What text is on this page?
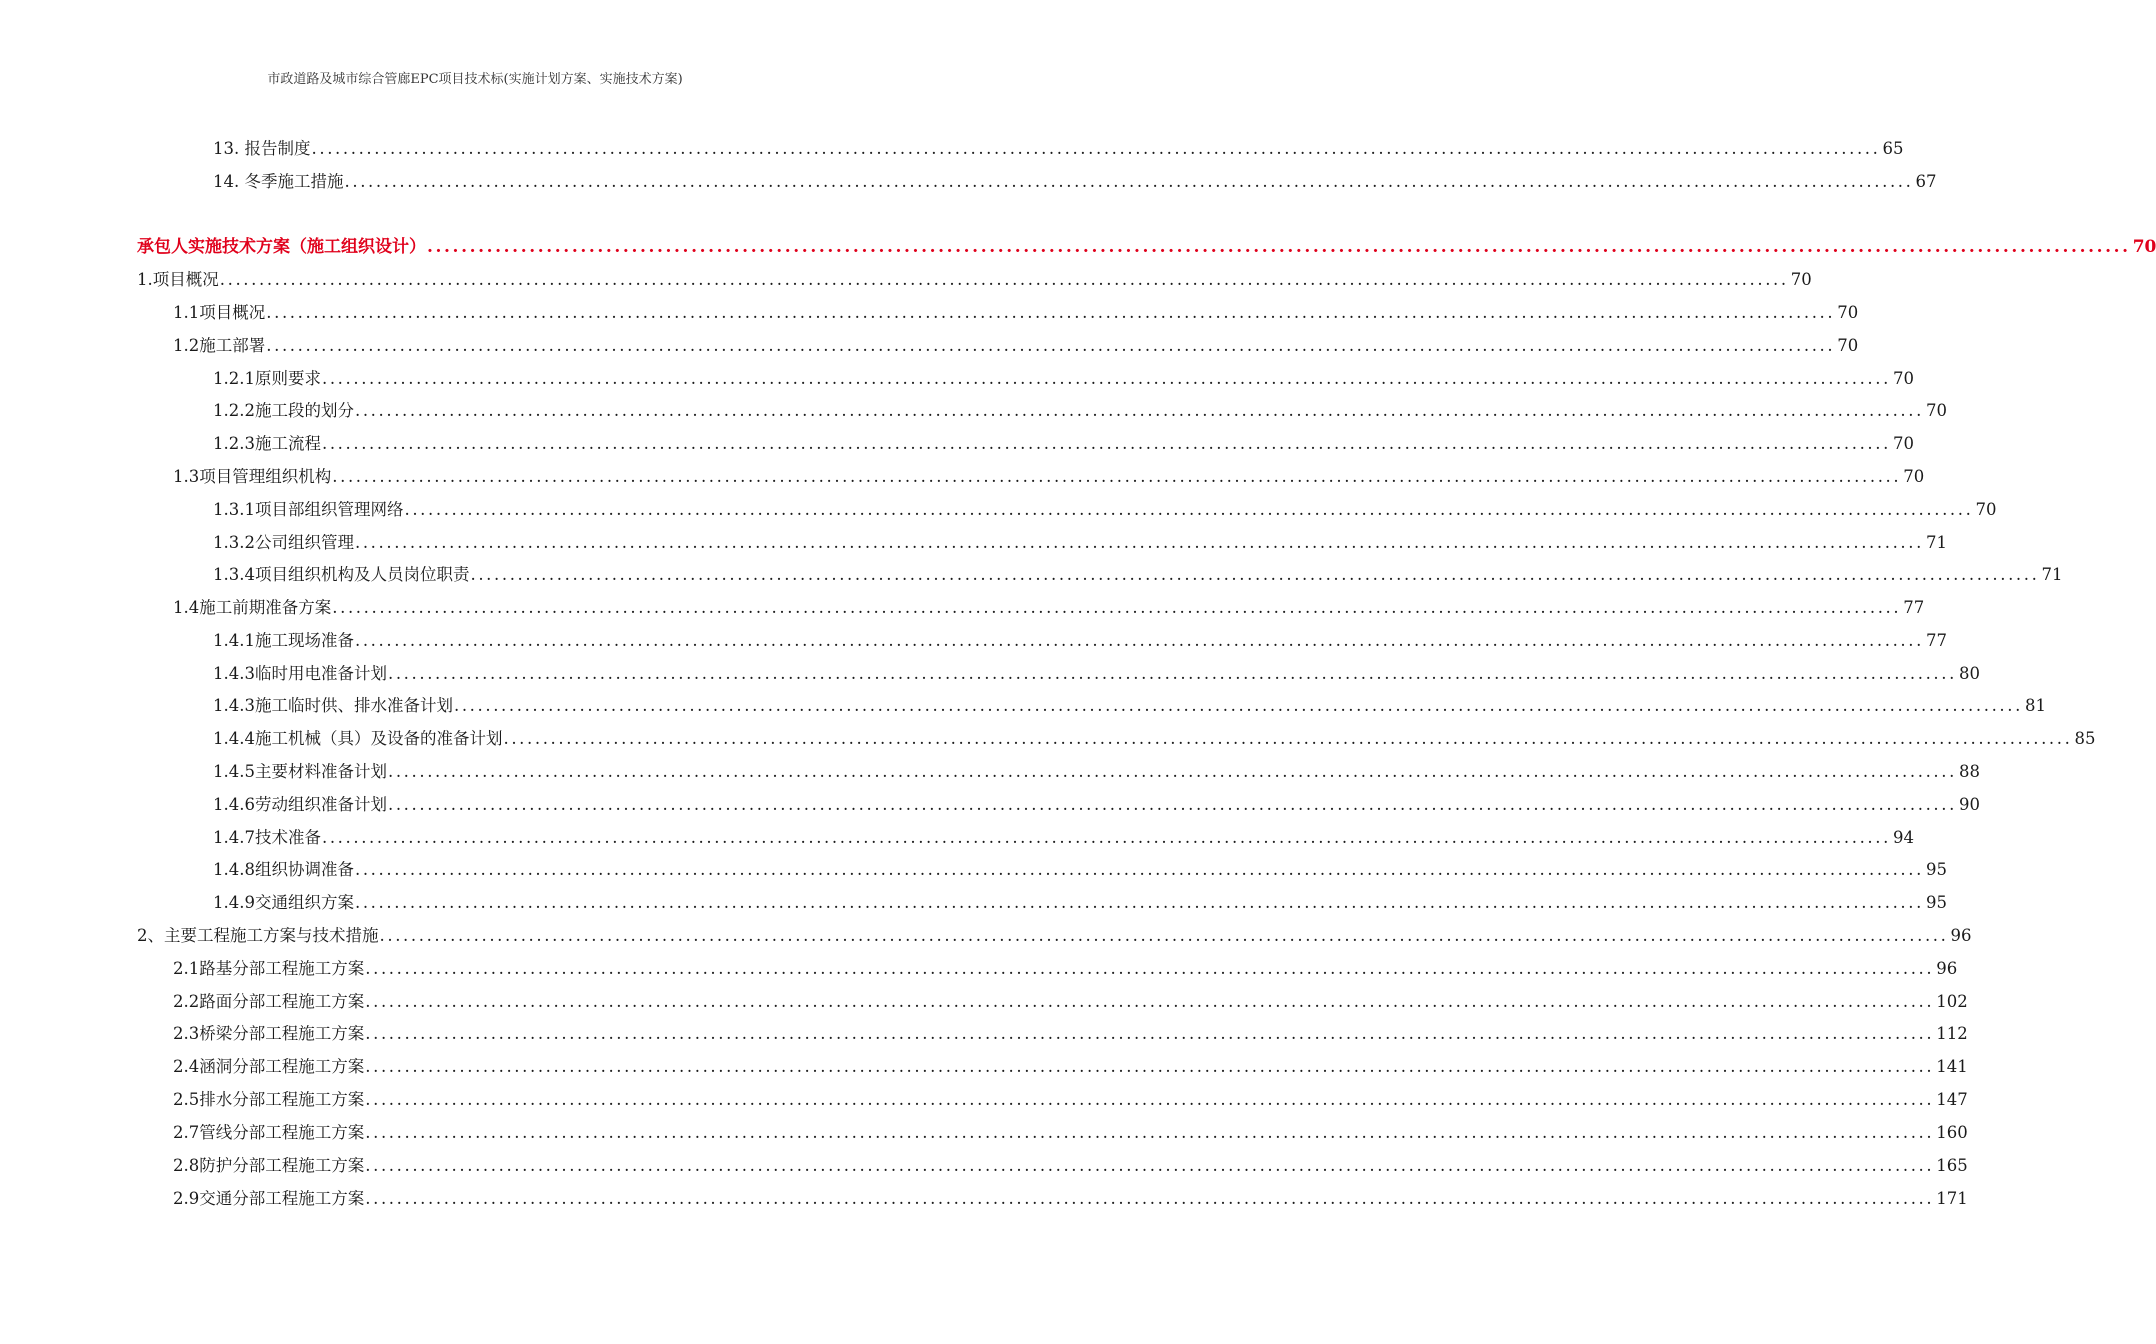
市政道路及城市综合管廊EPC项目技术标(实施计划方案、实施技术方案)
13. 报告制度 ........................................................................................................................................................................................................ 65
14. 冬季施工措施 ........................................................................................................................................................................................................ 67
承包人实施技术方案（施工组织设计） ........................................................................................................................................................................................................ 70
1.项目概况 ........................................................................................................................................................................................................ 70
1.1项目概况 ........................................................................................................................................................................................................ 70
1.2施工部署 ........................................................................................................................................................................................................ 70
1.2.1原则要求 ........................................................................................................................................................................................................ 70
1.2.2施工段的划分 ........................................................................................................................................................................................................ 70
1.2.3施工流程 ........................................................................................................................................................................................................ 70
1.3项目管理组织机构 ........................................................................................................................................................................................................ 70
1.3.1项目部组织管理网络 ........................................................................................................................................................................................................ 70
1.3.2公司组织管理 ........................................................................................................................................................................................................ 71
1.3.4项目组织机构及人员岗位职责 ........................................................................................................................................................................................................ 71
1.4施工前期准备方案 ........................................................................................................................................................................................................ 77
1.4.1施工现场准备 ........................................................................................................................................................................................................ 77
1.4.3临时用电准备计划 ........................................................................................................................................................................................................ 80
1.4.3施工临时供、排水准备计划 ........................................................................................................................................................................................................ 81
1.4.4施工机械（具）及设备的准备计划 ........................................................................................................................................................................................................ 85
1.4.5主要材料准备计划 ........................................................................................................................................................................................................ 88
1.4.6劳动组织准备计划 ........................................................................................................................................................................................................ 90
1.4.7技术准备 ........................................................................................................................................................................................................ 94
1.4.8组织协调准备 ........................................................................................................................................................................................................ 95
1.4.9交通组织方案 ........................................................................................................................................................................................................ 95
2、主要工程施工方案与技术措施 ........................................................................................................................................................................................................ 96
2.1路基分部工程施工方案 ........................................................................................................................................................................................................ 96
2.2路面分部工程施工方案 ........................................................................................................................................................................................................ 102
2.3桥梁分部工程施工方案 ........................................................................................................................................................................................................ 112
2.4涵洞分部工程施工方案 ........................................................................................................................................................................................................ 141
2.5排水分部工程施工方案 ........................................................................................................................................................................................................ 147
2.7管线分部工程施工方案 ........................................................................................................................................................................................................ 160
2.8防护分部工程施工方案 ........................................................................................................................................................................................................ 165
2.9交通分部工程施工方案 ........................................................................................................................................................................................................ 171
